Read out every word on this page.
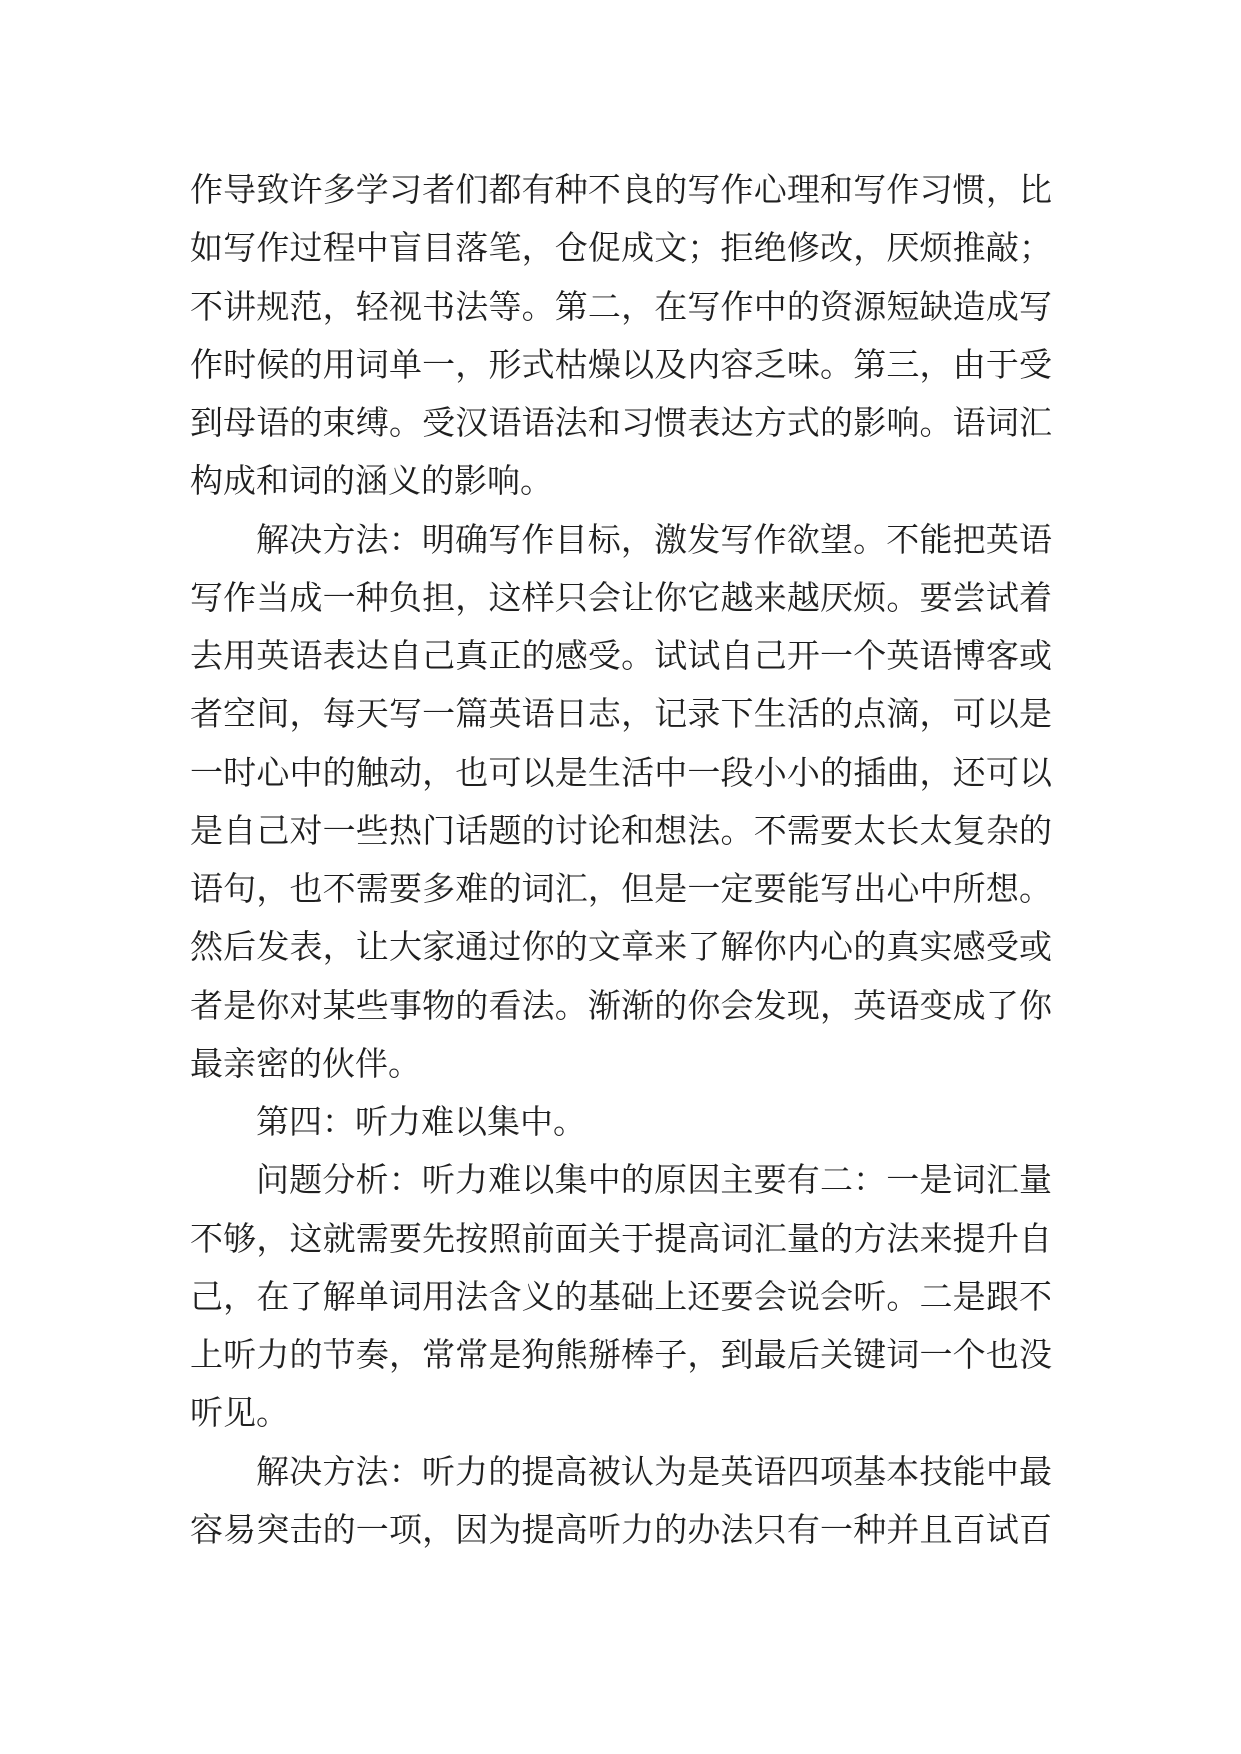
作导致许多学习者们都有种不良的写作心理和写作习惯，比
如写作过程中盲目落笔，仓促成文；拒绝修改，厌烦推敲；
不讲规范，轻视书法等。第二，在写作中的资源短缺造成写
作时候的用词单一，形式枯燥以及内容乏味。第三，由于受
到母语的束缚。受汉语语法和习惯表达方式的影响。语词汇
构成和词的涵义的影响。
解决方法：明确写作目标，激发写作欲望。不能把英语
写作当成一种负担，这样只会让你它越来越厌烦。要尝试着
去用英语表达自己真正的感受。试试自己开一个英语博客或
者空间，每天写一篇英语日志，记录下生活的点滴，可以是
一时心中的触动，也可以是生活中一段小小的插曲，还可以
是自己对一些热门话题的讨论和想法。不需要太长太复杂的
语句，也不需要多难的词汇，但是一定要能写出心中所想。
然后发表，让大家通过你的文章来了解你内心的真实感受或
者是你对某些事物的看法。渐渐的你会发现，英语变成了你
最亲密的伙伴。
第四：听力难以集中。
问题分析：听力难以集中的原因主要有二：一是词汇量
不够，这就需要先按照前面关于提高词汇量的方法来提升自
己，在了解单词用法含义的基础上还要会说会听。二是跟不
上听力的节奏，常常是狗熊掰棒子，到最后关键词一个也没
听见。
解决方法：听力的提高被认为是英语四项基本技能中最
容易突击的一项，因为提高听力的办法只有一种并且百试百
